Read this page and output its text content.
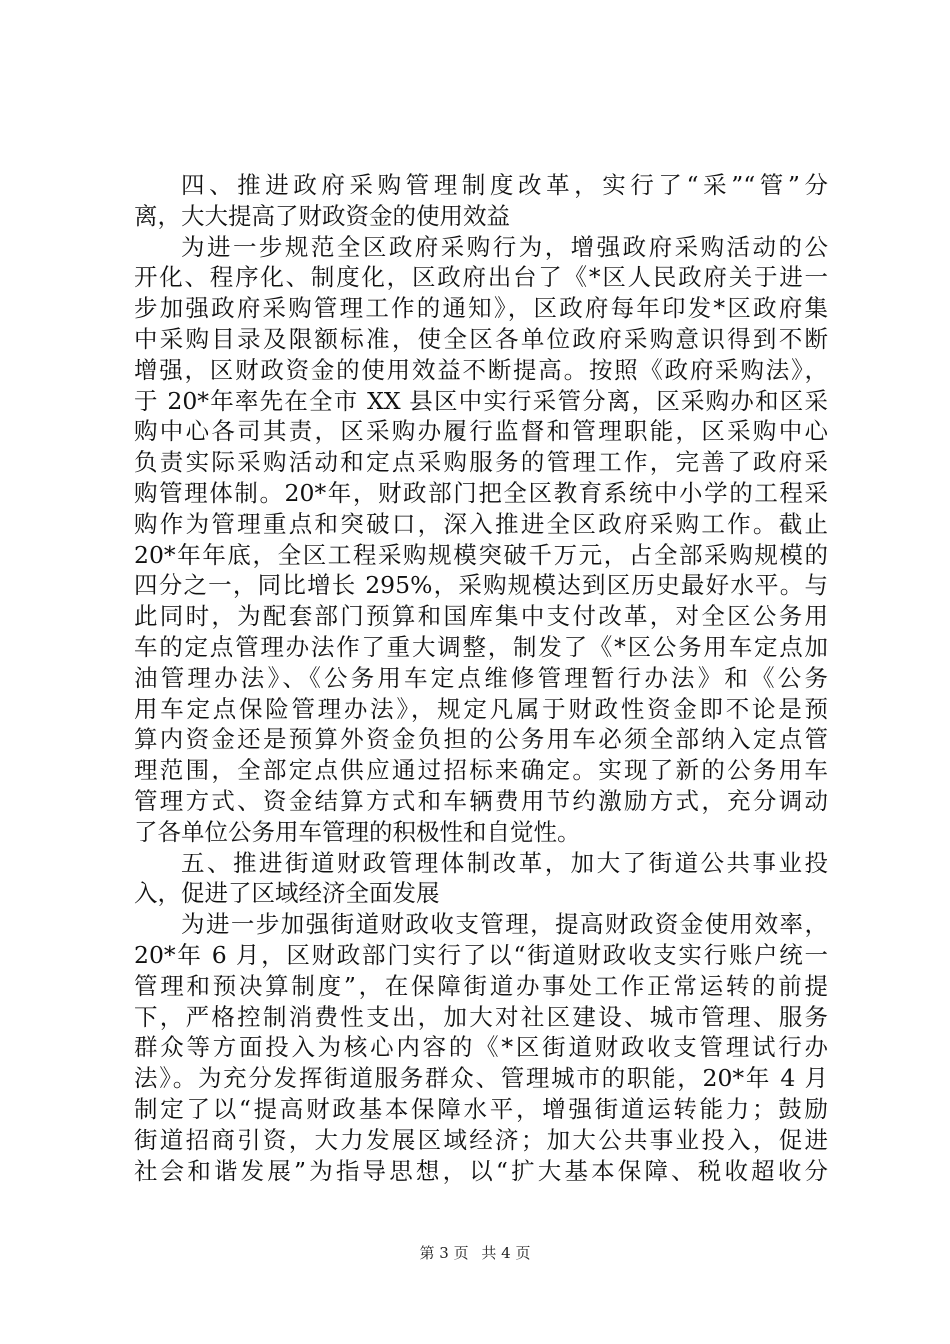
四、推进政府采购管理制度改革，实行了“采”“管”分
离，大大提高了财政资金的使用效益
为进一步规范全区政府采购行为，增强政府采购活动的公
开化、程序化、制度化，区政府出台了《*区人民政府关于进一
步加强政府采购管理工作的通知》，区政府每年印发*区政府集
中采购目录及限额标准，使全区各单位政府采购意识得到不断
增强，区财政资金的使用效益不断提高。按照《政府采购法》，
于 20*年率先在全市 XX 县区中实行采管分离，区采购办和区采
购中心各司其责，区采购办履行监督和管理职能，区采购中心
负责实际采购活动和定点采购服务的管理工作，完善了政府采
购管理体制。20*年，财政部门把全区教育系统中小学的工程采
购作为管理重点和突破口，深入推进全区政府采购工作。截止
20*年年底，全区工程采购规模突破千万元，占全部采购规模的
四分之一，同比增长 295%，采购规模达到区历史最好水平。与
此同时，为配套部门预算和国库集中支付改革，对全区公务用
车的定点管理办法作了重大调整，制发了《*区公务用车定点加
油管理办法》、《公务用车定点维修管理暂行办法》和《公务
用车定点保险管理办法》，规定凡属于财政性资金即不论是预
算内资金还是预算外资金负担的公务用车必须全部纳入定点管
理范围，全部定点供应通过招标来确定。实现了新的公务用车
管理方式、资金结算方式和车辆费用节约激励方式，充分调动
了各单位公务用车管理的积极性和自觉性。
五、推进街道财政管理体制改革，加大了街道公共事业投
入，促进了区域经济全面发展
为进一步加强街道财政收支管理，提高财政资金使用效率，
20*年 6 月，区财政部门实行了以“街道财政收支实行账户统一
管理和预决算制度”，在保障街道办事处工作正常运转的前提
下，严格控制消费性支出，加大对社区建设、城市管理、服务
群众等方面投入为核心内容的《*区街道财政收支管理试行办
法》。为充分发挥街道服务群众、管理城市的职能，20*年 4 月
制定了以“提高财政基本保障水平，增强街道运转能力；鼓励
街道招商引资，大力发展区域经济；加大公共事业投入，促进
社会和谐发展”为指导思想，以“扩大基本保障、税收超收分
第 3 页 共 4 页
